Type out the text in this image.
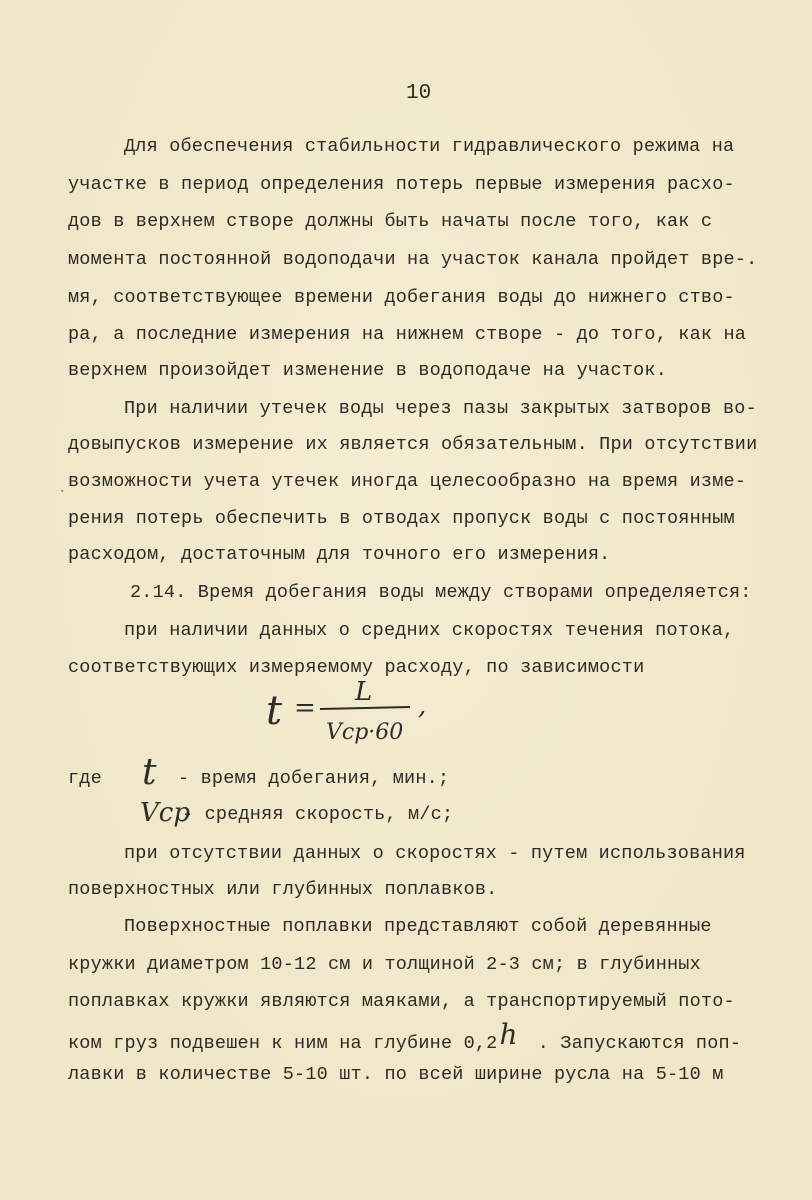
10
Для обеспечения стабильности гидравлического режима на
участке в период определения потерь первые измерения расхо-
дов в верхнем створе должны быть начаты после того, как с
момента постоянной водоподачи на участок канала пройдет вре-.
мя, соответствующее времени добегания воды до нижнего ство-
ра, а последние измерения на нижнем створе - до того, как на
верхнем произойдет изменение в водоподаче на участок.
При наличии утечек воды через пазы закрытых затворов во-
довыпусков измерение их является обязательным. При отсутствии
ˎ возможности учета утечек иногда целесообразно на время изме-
рения потерь обеспечить в отводах пропуск воды с постоянным
расходом, достаточным для точного его измерения.
2.14. Время добегания воды между створами определяется:
при наличии данных о средних скоростях течения потока,
соответствующих измеряемому расходу, по зависимости
t =
L
Vср·60
,
где t - время добегания, мин.;
Vср
- средняя скорость, м/с;
при отсутствии данных о скоростях - путем использования
поверхностных или глубинных поплавков.
Поверхностные поплавки представляют собой деревянные
кружки диаметром 10-12 см и толщиной 2-3 см; в глубинных
поплавках кружки являются маяками, а транспортируемый пото-
ком груз подвешен к ним на глубине 0,2h . Запускаются поп-
лавки в количестве 5-10 шт. по всей ширине русла на 5-10 м
